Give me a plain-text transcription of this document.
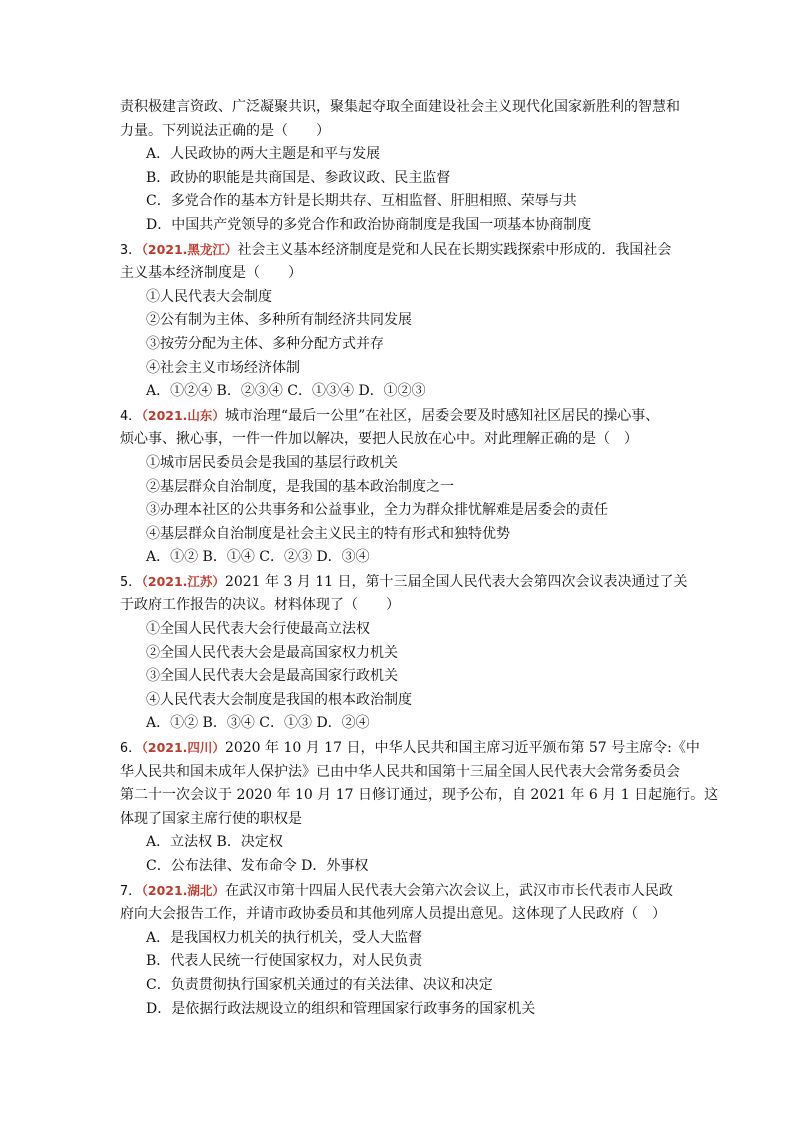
责积极建言资政、广泛凝聚共识，聚集起夺取全面建设社会主义现代化国家新胜利的智慧和
力量。下列说法正确的是（　　）
A．人民政协的两大主题是和平与发展
B．政协的职能是共商国是、参政议政、民主监督
C．多党合作的基本方针是长期共存、互相监督、肝胆相照、荣辱与共
D．中国共产党领导的多党合作和政治协商制度是我国一项基本协商制度
3．（2021.黑龙江）社会主义基本经济制度是党和人民在长期实践探索中形成的．我国社会
主义基本经济制度是（　　）
①人民代表大会制度
②公有制为主体、多种所有制经济共同发展
③按劳分配为主体、多种分配方式并存
④社会主义市场经济体制
A．①②④ B．②③④ C．①③④ D．①②③
4．（2021.山东）城市治理“最后一公里”在社区，居委会要及时感知社区居民的操心事、
烦心事、揪心事，一件一件加以解决，要把人民放在心中。对此理解正确的是（　）
①城市居民委员会是我国的基层行政机关
②基层群众自治制度，是我国的基本政治制度之一
③办理本社区的公共事务和公益事业，全力为群众排忧解难是居委会的责任
④基层群众自治制度是社会主义民主的特有形式和独特优势
A．①② B．①④ C．②③ D．③④
5．（2021.江苏）2021 年 3 月 11 日，第十三届全国人民代表大会第四次会议表决通过了关
于政府工作报告的决议。材料体现了（　　）
①全国人民代表大会行使最高立法权
②全国人民代表大会是最高国家权力机关
③全国人民代表大会是最高国家行政机关
④人民代表大会制度是我国的根本政治制度
A．①② B．③④ C．①③ D．②④
6．（2021.四川）2020 年 10 月 17 日，中华人民共和国主席习近平颁布第 57 号主席令:《中
华人民共和国未成年人保护法》已由中华人民共和国第十三届全国人民代表大会常务委员会
第二十一次会议于 2020 年 10 月 17 日修订通过，现予公布，自 2021 年 6 月 1 日起施行。这
体现了国家主席行使的职权是
A．立法权 B．决定权
C．公布法律、发布命令 D．外事权
7．（2021.湖北）在武汉市第十四届人民代表大会第六次会议上，武汉市市长代表市人民政
府向大会报告工作，并请市政协委员和其他列席人员提出意见。这体现了人民政府（　）
A．是我国权力机关的执行机关，受人大监督
B．代表人民统一行使国家权力，对人民负责
C．负责贯彻执行国家机关通过的有关法律、决议和决定
D．是依据行政法规设立的组织和管理国家行政事务的国家机关
